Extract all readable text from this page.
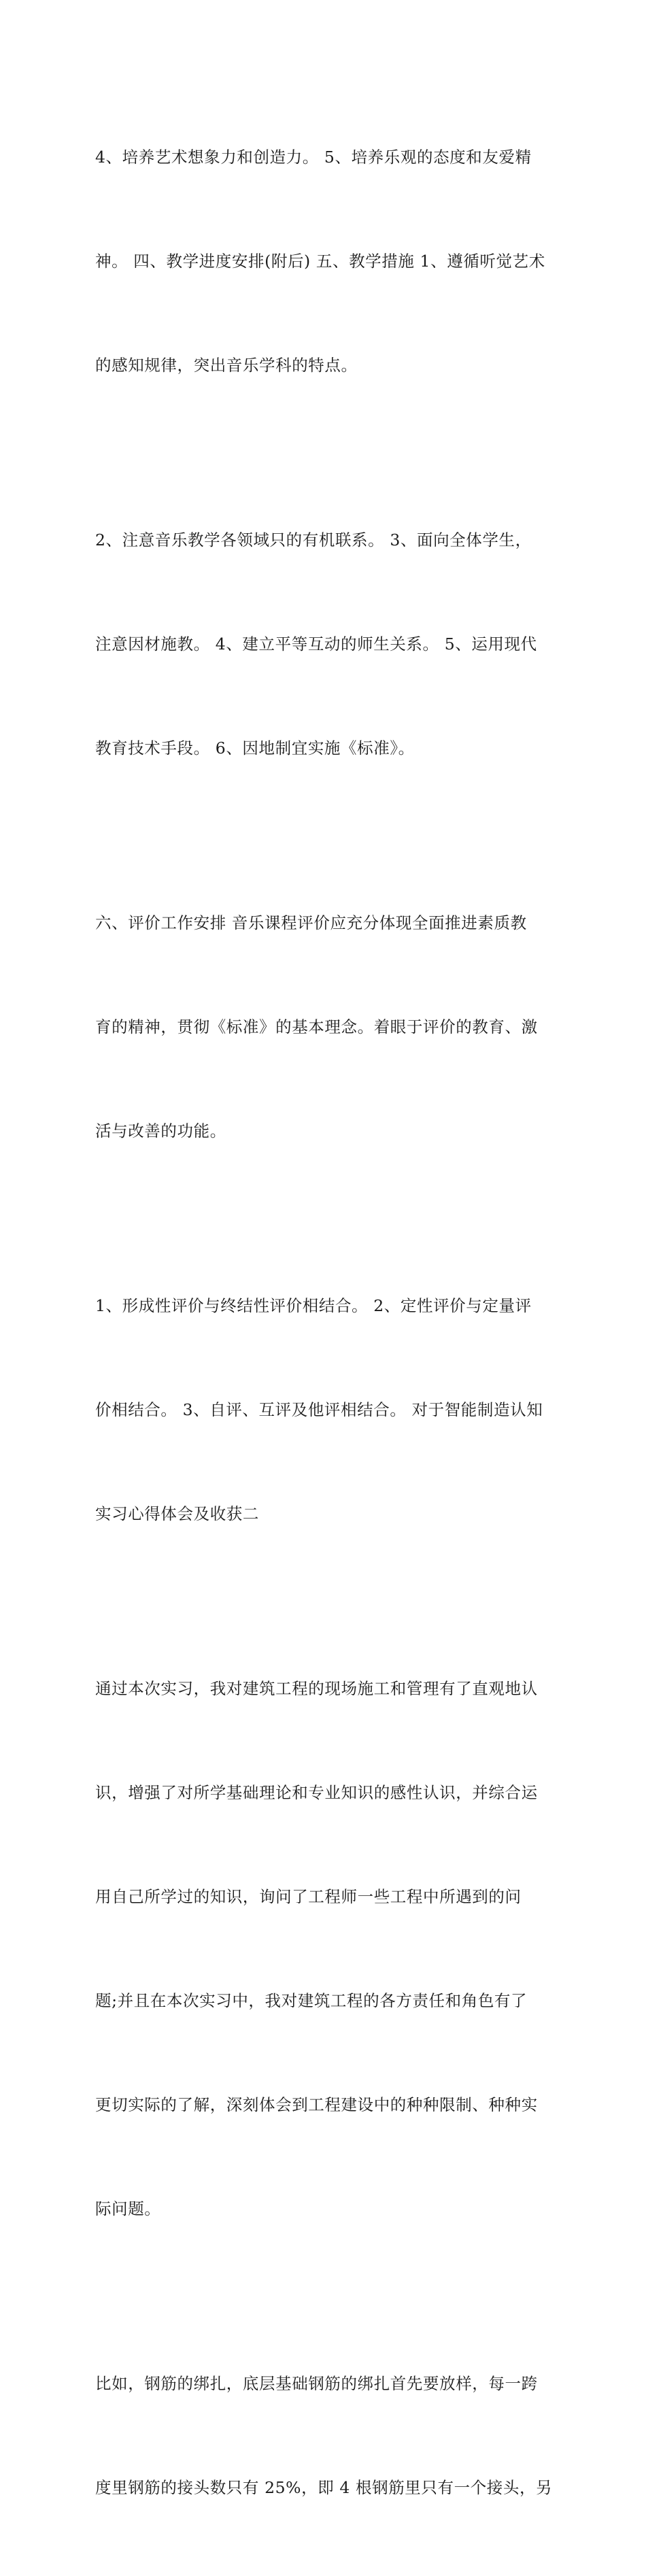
4、培养艺术想象力和创造力。 5、培养乐观的态度和友爱精

神。 四、教学进度安排(附后) 五、教学措施 1、遵循听觉艺术

的感知规律，突出音乐学科的特点。

2、注意音乐教学各领域只的有机联系。 3、面向全体学生，

注意因材施教。 4、建立平等互动的师生关系。 5、运用现代

教育技术手段。 6、因地制宜实施《标准》。

六、评价工作安排 音乐课程评价应充分体现全面推进素质教

育的精神，贯彻《标准》的基本理念。着眼于评价的教育、激

活与改善的功能。

1、形成性评价与终结性评价相结合。 2、定性评价与定量评

价相结合。 3、自评、互评及他评相结合。 对于智能制造认知

实习心得体会及收获二

通过本次实习，我对建筑工程的现场施工和管理有了直观地认

识，增强了对所学基础理论和专业知识的感性认识，并综合运

用自己所学过的知识，询问了工程师一些工程中所遇到的问

题;并且在本次实习中，我对建筑工程的各方责任和角色有了

更切实际的了解，深刻体会到工程建设中的种种限制、种种实

际问题。

比如，钢筋的绑扎，底层基础钢筋的绑扎首先要放样，每一跨

度里钢筋的接头数只有 25%，即 4 根钢筋里只有一个接头，另
